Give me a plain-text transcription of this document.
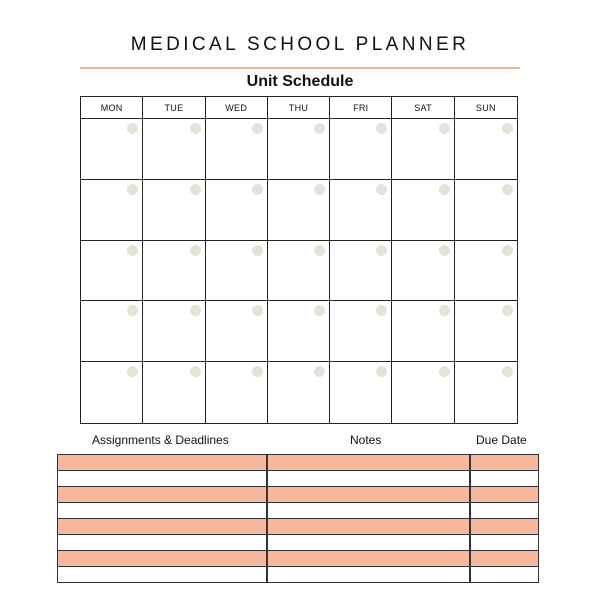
MEDICAL SCHOOL PLANNER
Unit Schedule
MON	TUE	WED	THU	FRI	SAT	SUN
Assignments & Deadlines	Notes	Due Date
